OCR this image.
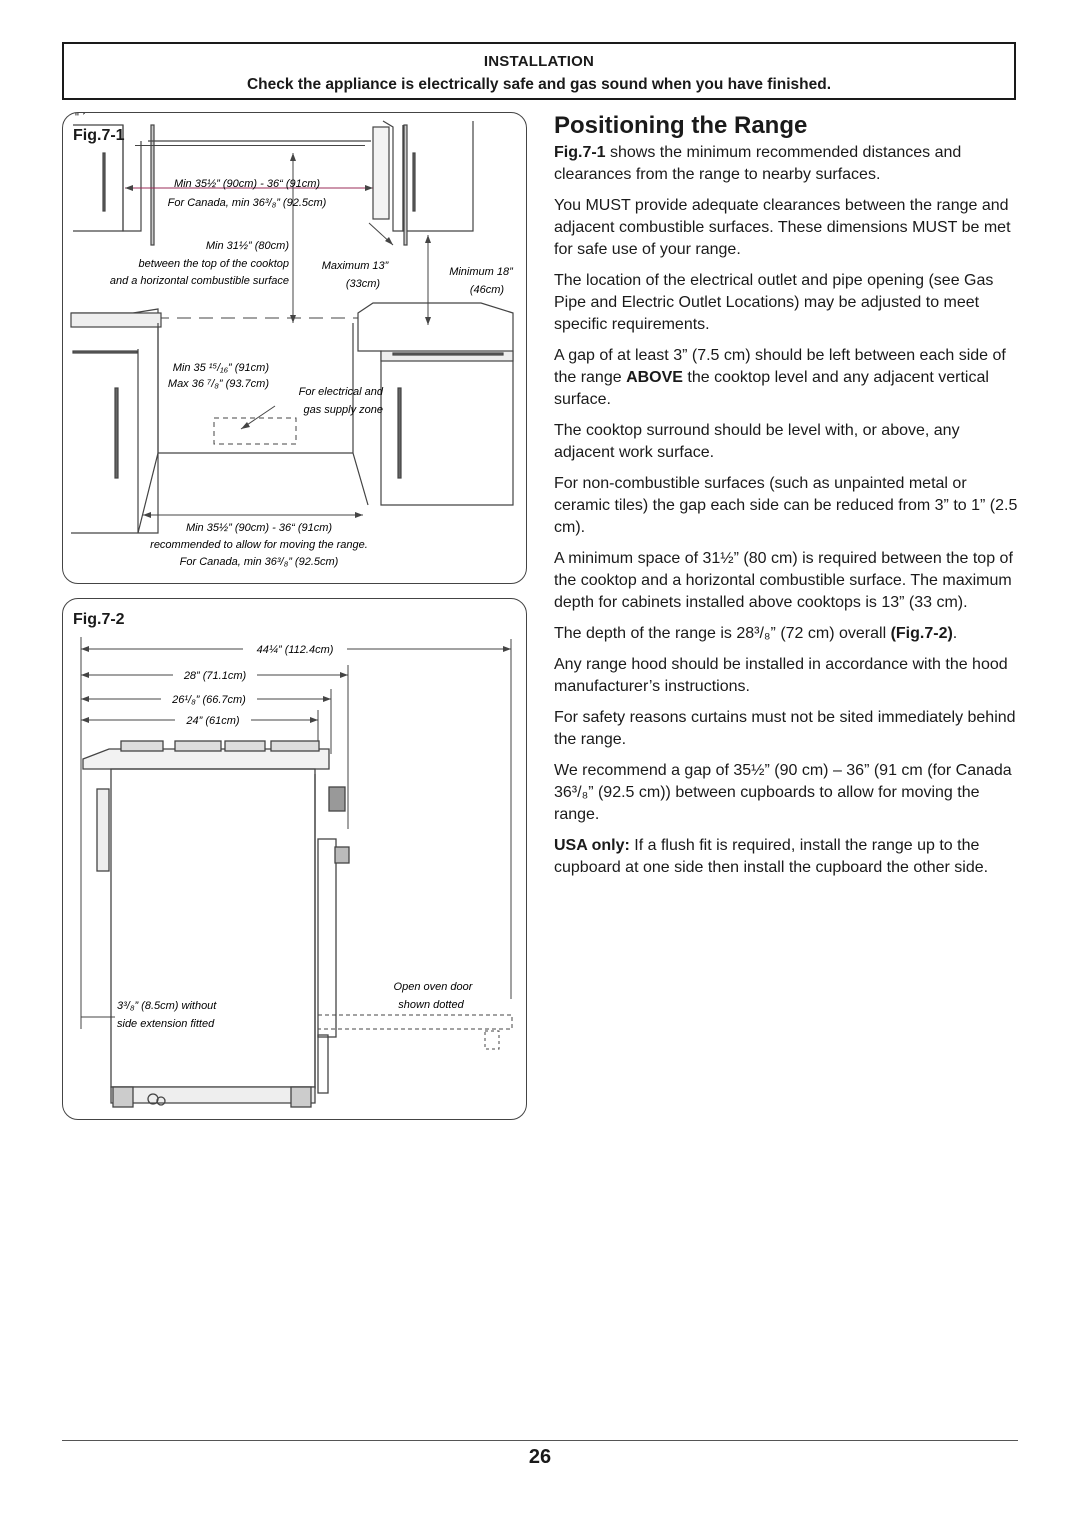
INSTALLATION
Check the appliance is electrically safe and gas sound when you have finished.
ʺ ˊ
Min 35½” (90cm) - 36“ (91cm)
For Canada, min 36³/₈” (92.5cm)
Min 31½” (80cm)
between the top of the cooktop
and a horizontal combustible surface
Maximum 13”
(33cm)
Minimum 18”
(46cm)
Min 35 ¹⁵/₁₆” (91cm)
Max 36 ⁷/₈” (93.7cm)
For electrical and
gas supply zone
Min 35½” (90cm) - 36“ (91cm)
recommended to allow for moving the range.
For Canada, min 36³/₈” (92.5cm)
Fig.7-1
44¼” (112.4cm)
28” (71.1cm)
26¹/₈” (66.7cm)
24” (61cm)
Open oven door
shown dotted
3³/₈” (8.5cm) without
side extension fitted
Fig.7-2
Positioning the Range

Fig.7-1 shows the minimum recommended distances and clearances from the range to nearby surfaces.

You MUST provide adequate clearances between the range and adjacent combustible surfaces. These dimensions MUST be met for safe use of your range.

The location of the electrical outlet and pipe opening (see Gas Pipe and Electric Outlet Locations) may be adjusted to meet specific requirements.

A gap of at least 3” (7.5 cm) should be left between each side of the range ABOVE the cooktop level and any adjacent vertical surface.

The cooktop surround should be level with, or above, any adjacent work surface.

For non-combustible surfaces (such as unpainted metal or ceramic tiles) the gap each side can be reduced from 3” to 1” (2.5 cm).

A minimum space of 31½” (80 cm) is required between the top of the cooktop and a horizontal combustible surface. The maximum depth for cabinets installed above cooktops is 13” (33 cm).

The depth of the range is 28³/₈” (72 cm) overall (Fig.7-2).

Any range hood should be installed in accordance with the hood manufacturer’s instructions.

For safety reasons curtains must not be sited immediately behind the range.

We recommend a gap of 35½” (90 cm) – 36” (91 cm (for Canada 36³/₈” (92.5 cm)) between cupboards to allow for moving the range.

USA only: If a flush fit is required, install the range up to the cupboard at one side then install the cupboard the other side.

26
